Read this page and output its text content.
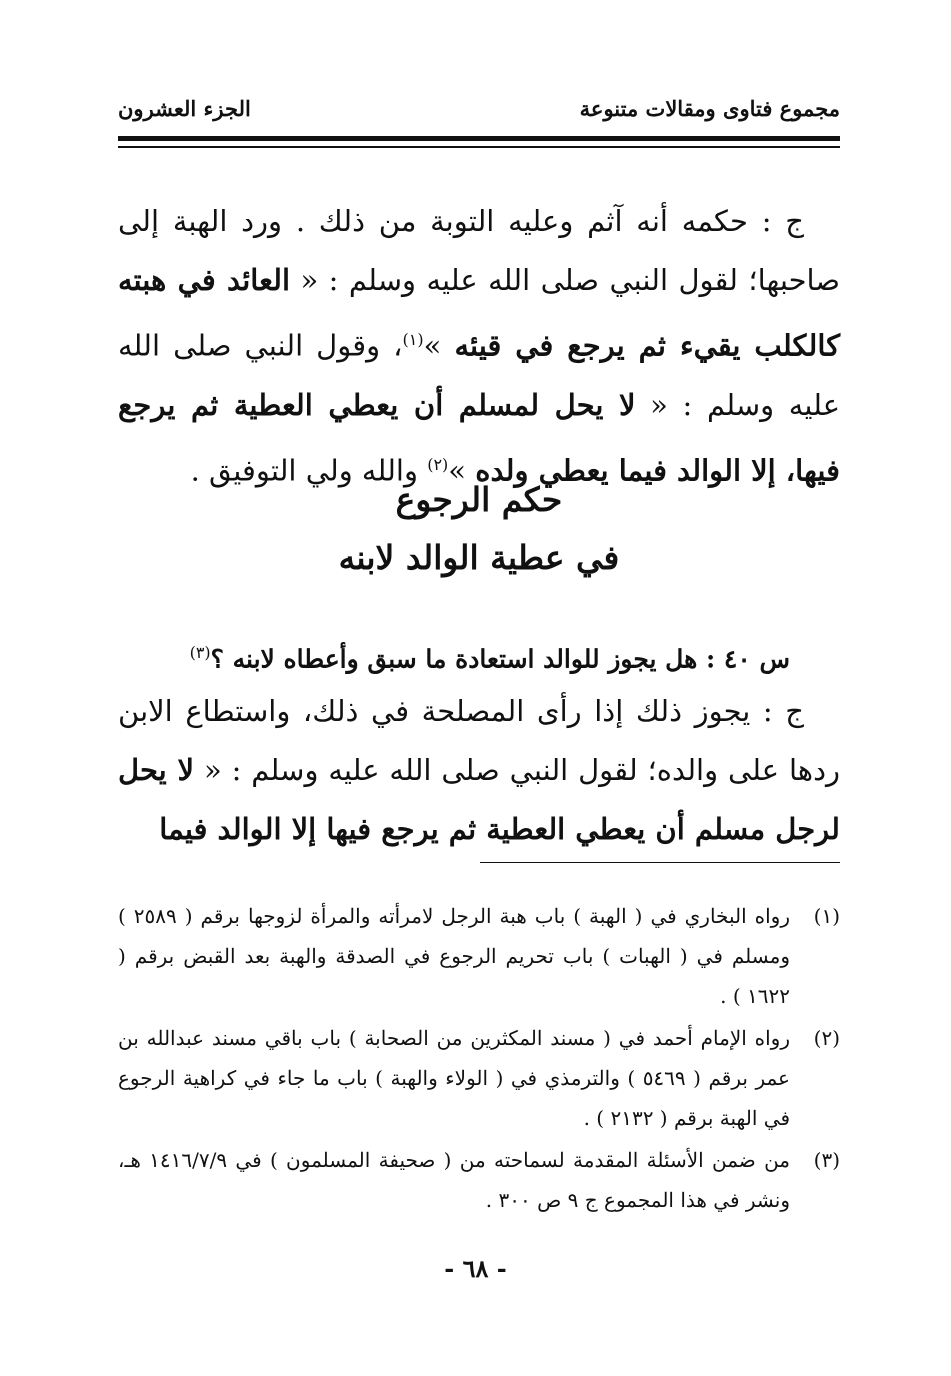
مجموع فتاوى ومقالات متنوعة
الجزء العشرون

ج : حكمه أنه آثم وعليه التوبة من ذلك . ورد الهبة إلى صاحبها؛ لقول النبي صلى الله عليه وسلم : « العائد في هبته كالكلب يقيء ثم يرجع في قيئه »$^{(١)}$، وقول النبي صلى الله عليه وسلم : « لا يحل لمسلم أن يعطي العطية ثم يرجع فيها، إلا الوالد فيما يعطي ولده »$^{(٢)}$ والله ولي التوفيق .

حكم الرجوع
في عطية الوالد لابنه
س ٤٠ : هل يجوز للوالد استعادة ما سبق وأعطاه لابنه ؟$^{(٣)}$

ج : يجوز ذلك إذا رأى المصلحة في ذلك، واستطاع الابن ردها على والده؛ لقول النبي صلى الله عليه وسلم : « لا يحل لرجل مسلم أن يعطي العطية ثم يرجع فيها إلا الوالد فيما

(١)
رواه البخاري في ( الهبة ) باب هبة الرجل لامرأته والمرأة لزوجها برقم ( ٢٥٨٩ ) ومسلم في ( الهبات ) باب تحريم الرجوع في الصدقة والهبة بعد القبض برقم ( ١٦٢٢ ) .
(٢)
رواه الإمام أحمد في ( مسند المكثرين من الصحابة ) باب باقي مسند عبدالله بن عمر برقم ( ٥٤٦٩ ) والترمذي في ( الولاء والهبة ) باب ما جاء في كراهية الرجوع في الهبة برقم ( ٢١٣٢ ) .
(٣)
من ضمن الأسئلة المقدمة لسماحته من ( صحيفة المسلمون ) في ١٤١٦/٧/٩ هـ، ونشر في هذا المجموع ج ٩ ص ٣٠٠ .
- ٦٨ -
